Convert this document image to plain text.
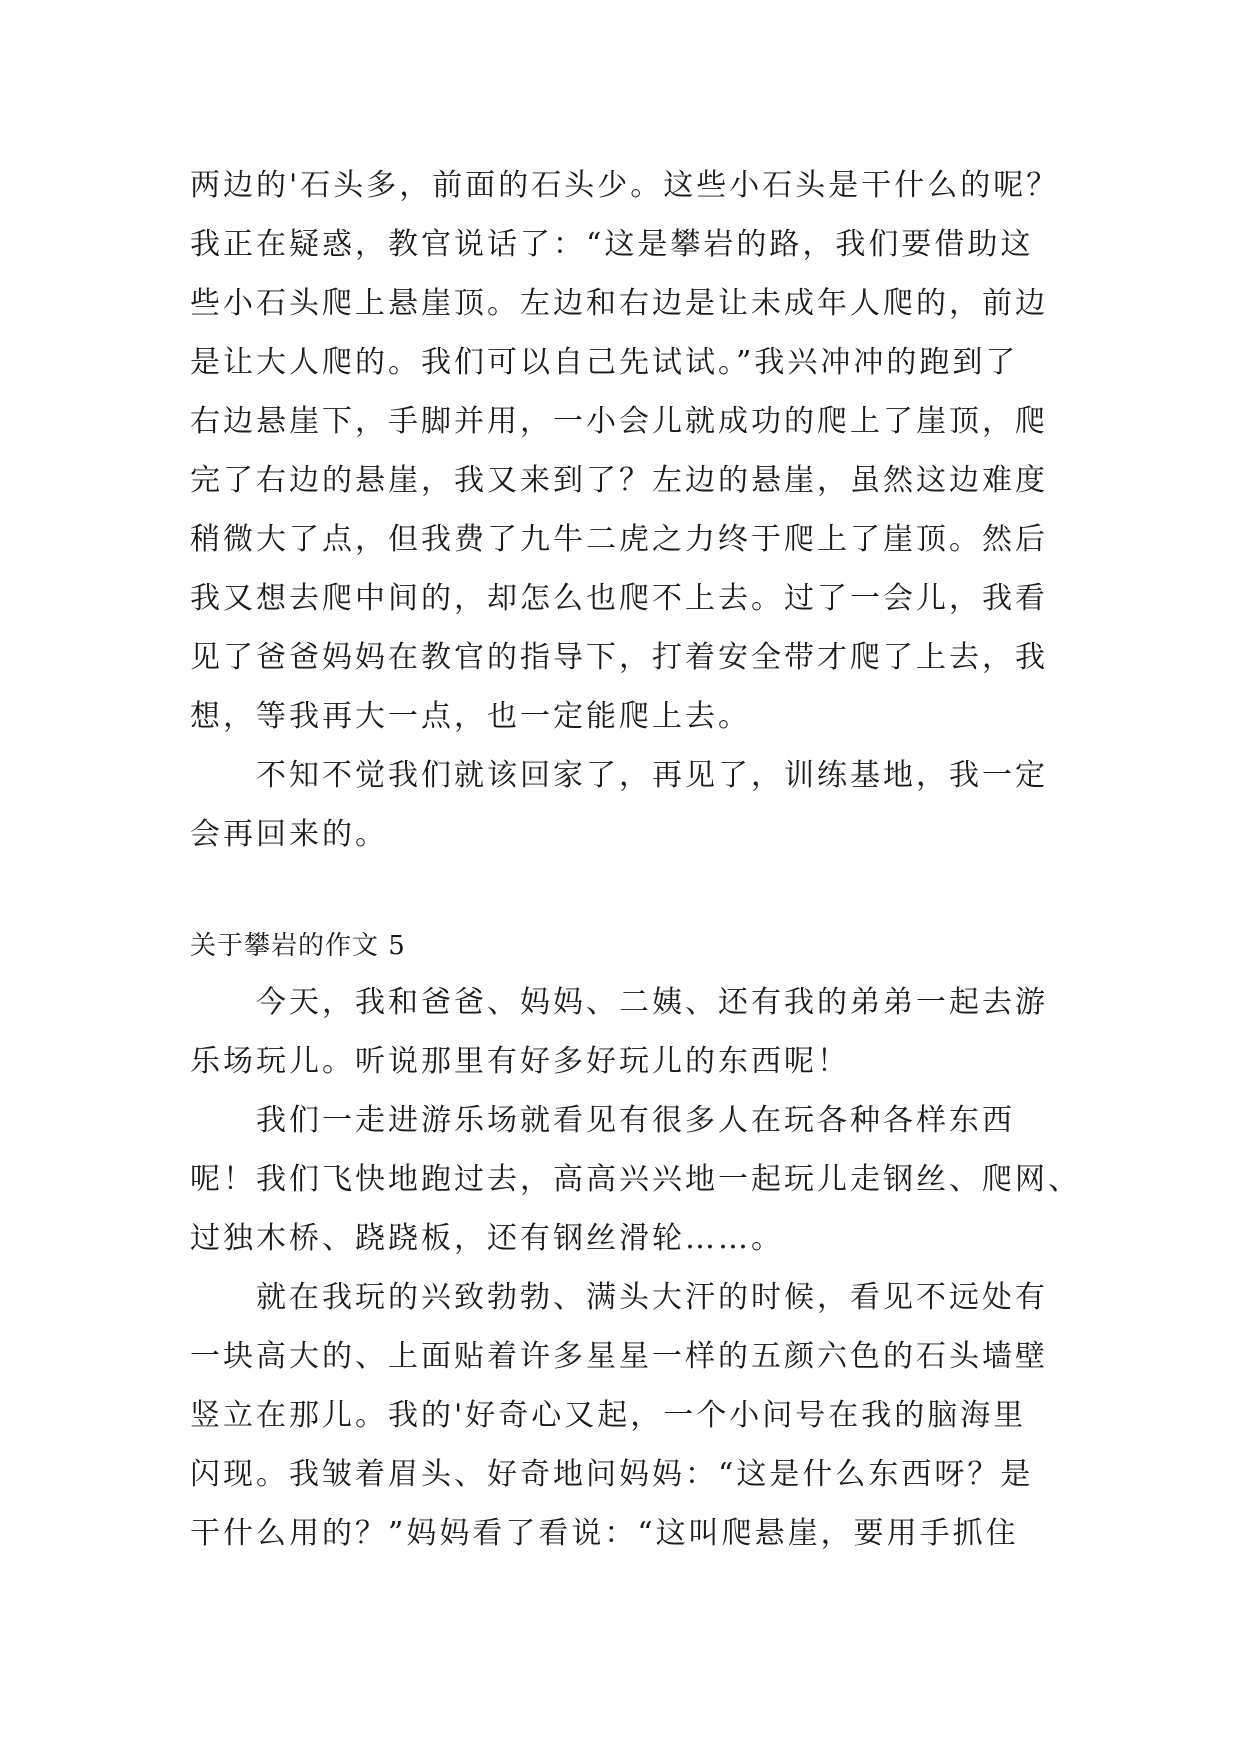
两边的'石头多，前面的石头少。这些小石头是干什么的呢？
我正在疑惑，教官说话了：“这是攀岩的路，我们要借助这
些小石头爬上悬崖顶。左边和右边是让未成年人爬的，前边
是让大人爬的。我们可以自己先试试。”我兴冲冲的跑到了
右边悬崖下，手脚并用，一小会儿就成功的爬上了崖顶，爬
完了右边的悬崖，我又来到了？左边的悬崖，虽然这边难度
稍微大了点，但我费了九牛二虎之力终于爬上了崖顶。然后
我又想去爬中间的，却怎么也爬不上去。过了一会儿，我看
见了爸爸妈妈在教官的指导下，打着安全带才爬了上去，我
想，等我再大一点，也一定能爬上去。
不知不觉我们就该回家了，再见了，训练基地，我一定
会再回来的。
关于攀岩的作文 5
今天，我和爸爸、妈妈、二姨、还有我的弟弟一起去游
乐场玩儿。听说那里有好多好玩儿的东西呢！
我们一走进游乐场就看见有很多人在玩各种各样东西
呢！我们飞快地跑过去，高高兴兴地一起玩儿走钢丝、爬网、
过独木桥、跷跷板，还有钢丝滑轮……。
就在我玩的兴致勃勃、满头大汗的时候，看见不远处有
一块高大的、上面贴着许多星星一样的五颜六色的石头墙壁
竖立在那儿。我的'好奇心又起，一个小问号在我的脑海里
闪现。我皱着眉头、好奇地问妈妈：“这是什么东西呀？是
干什么用的？”妈妈看了看说：“这叫爬悬崖，要用手抓住
